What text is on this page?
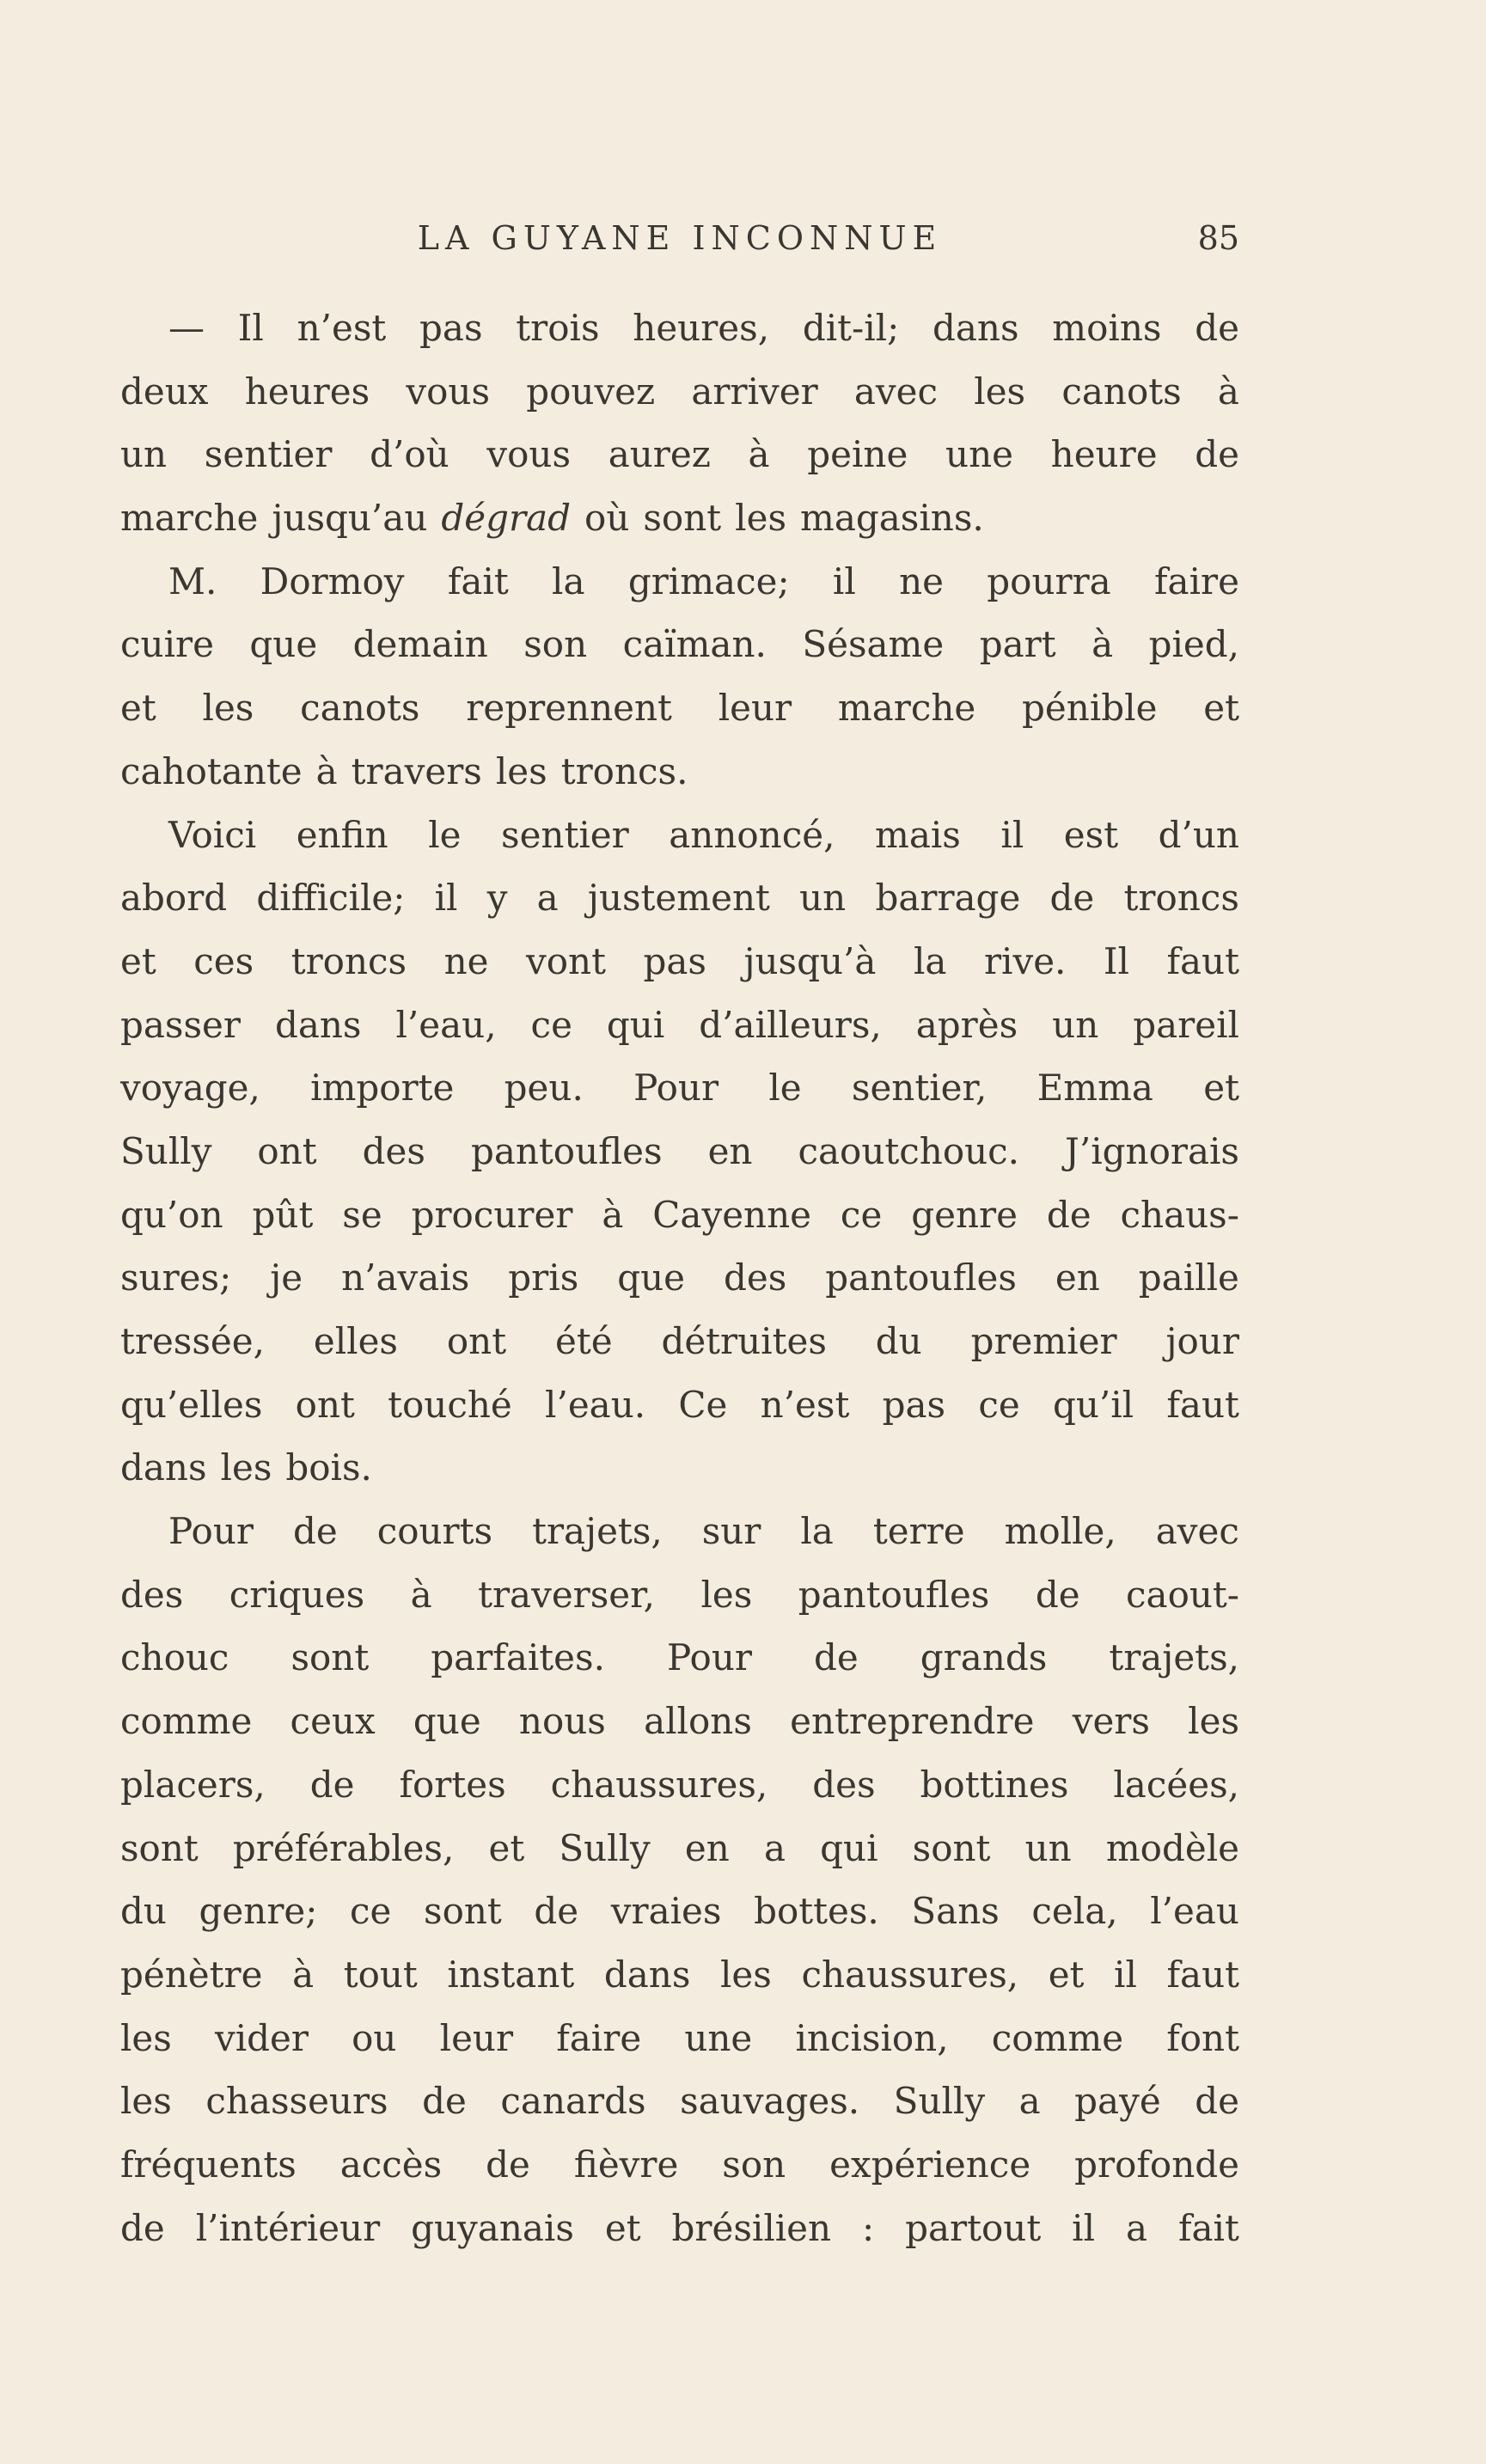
LA GUYANE INCONNUE	85
— Il n’est pas trois heures, dit-il; dans moins de
deux heures vous pouvez arriver avec les canots à
un sentier d’où vous aurez à peine une heure de
marche jusqu’au dégrad où sont les magasins.
M. Dormoy fait la grimace; il ne pourra faire
cuire que demain son caïman. Sésame part à pied,
et les canots reprennent leur marche pénible et
cahotante à travers les troncs.
Voici enfin le sentier annoncé, mais il est d’un
abord difficile; il y a justement un barrage de troncs
et ces troncs ne vont pas jusqu’à la rive. Il faut
passer dans l’eau, ce qui d’ailleurs, après un pareil
voyage, importe peu. Pour le sentier, Emma et
Sully ont des pantoufles en caoutchouc. J’ignorais
qu’on pût se procurer à Cayenne ce genre de chaus-
sures; je n’avais pris que des pantoufles en paille
tressée, elles ont été détruites du premier jour
qu’elles ont touché l’eau. Ce n’est pas ce qu’il faut
dans les bois.
Pour de courts trajets, sur la terre molle, avec
des criques à traverser, les pantoufles de caout-
chouc sont parfaites. Pour de grands trajets,
comme ceux que nous allons entreprendre vers les
placers, de fortes chaussures, des bottines lacées,
sont préférables, et Sully en a qui sont un modèle
du genre; ce sont de vraies bottes. Sans cela, l’eau
pénètre à tout instant dans les chaussures, et il faut
les vider ou leur faire une incision, comme font
les chasseurs de canards sauvages. Sully a payé de
fréquents accès de fièvre son expérience profonde
de l’intérieur guyanais et brésilien : partout il a fait
